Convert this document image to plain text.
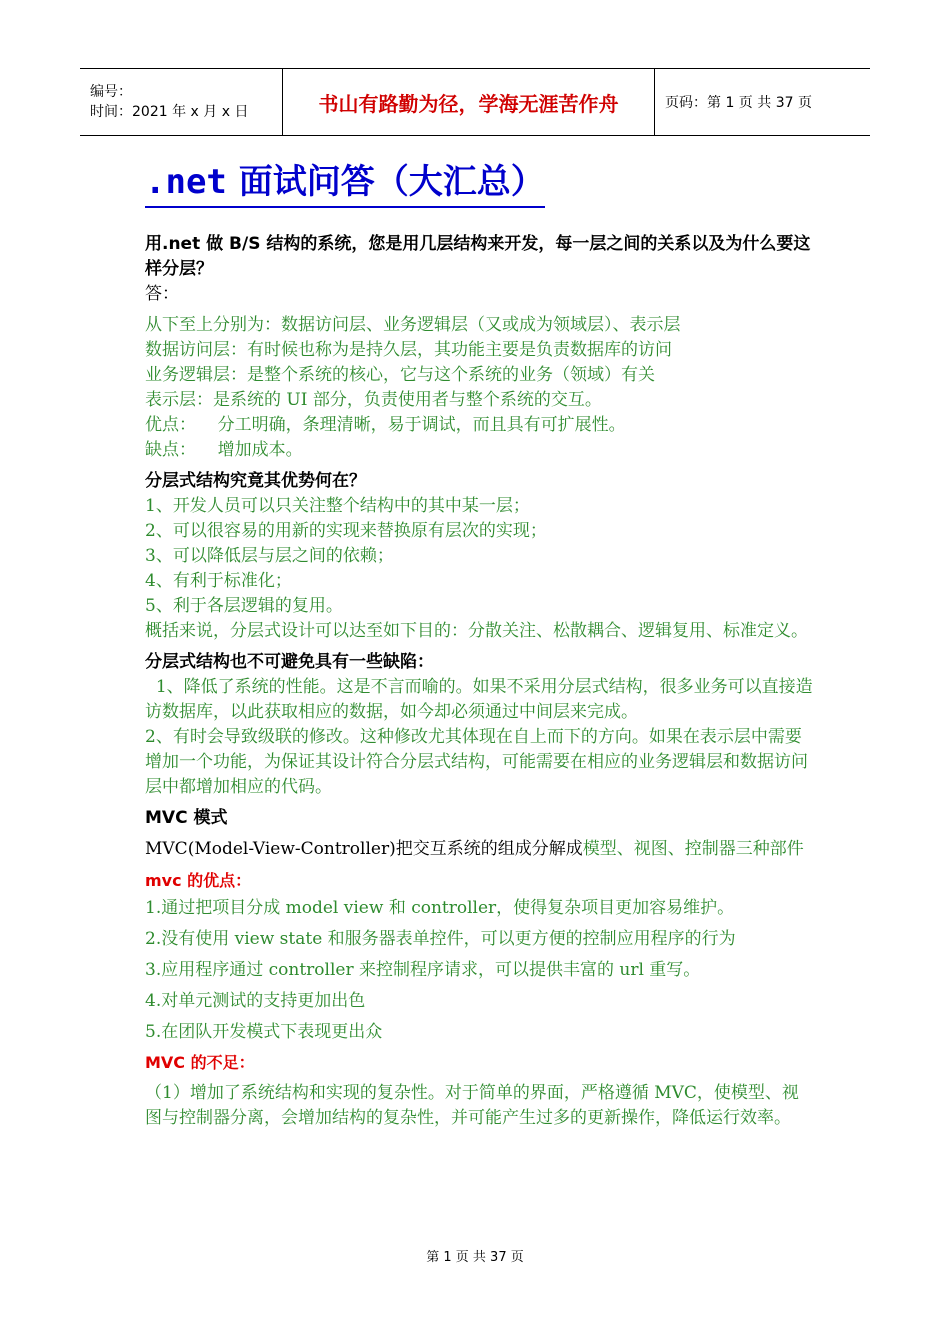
编号：
时间：2021 年 x 月 x 日	书山有路勤为径，学海无涯苦作舟	页码：第 1 页 共 37 页
.net 面试问答（大汇总）
用.net 做 B/S 结构的系统，您是用几层结构来开发，每一层之间的关系以及为什么要这样分层？
答：
从下至上分别为：数据访问层、业务逻辑层（又或成为领域层）、表示层
数据访问层：有时候也称为是持久层，其功能主要是负责数据库的访问
业务逻辑层：是整个系统的核心，它与这个系统的业务（领域）有关
表示层：是系统的 UI 部分，负责使用者与整个系统的交互。
优点：    分工明确，条理清晰，易于调试，而且具有可扩展性。
缺点：    增加成本。
分层式结构究竟其优势何在？
1、开发人员可以只关注整个结构中的其中某一层；
2、可以很容易的用新的实现来替换原有层次的实现；
3、可以降低层与层之间的依赖；
4、有利于标准化；
5、利于各层逻辑的复用。
概括来说，分层式设计可以达至如下目的：分散关注、松散耦合、逻辑复用、标准定义。
分层式结构也不可避免具有一些缺陷：
1、降低了系统的性能。这是不言而喻的。如果不采用分层式结构，很多业务可以直接造访数据库，以此获取相应的数据，如今却必须通过中间层来完成。
2、有时会导致级联的修改。这种修改尤其体现在自上而下的方向。如果在表示层中需要增加一个功能，为保证其设计符合分层式结构，可能需要在相应的业务逻辑层和数据访问层中都增加相应的代码。
MVC 模式
MVC(Model-View-Controller)把交互系统的组成分解成模型、视图、控制器三种部件
mvc 的优点：
1.通过把项目分成 model view 和 controller，使得复杂项目更加容易维护。
2.没有使用 view state 和服务器表单控件，可以更方便的控制应用程序的行为
3.应用程序通过 controller 来控制程序请求，可以提供丰富的 url 重写。
4.对单元测试的支持更加出色
5.在团队开发模式下表现更出众
MVC 的不足：
（1）增加了系统结构和实现的复杂性。对于简单的界面，严格遵循 MVC，使模型、视图与控制器分离，会增加结构的复杂性，并可能产生过多的更新操作，降低运行效率。
第 1 页 共 37 页
